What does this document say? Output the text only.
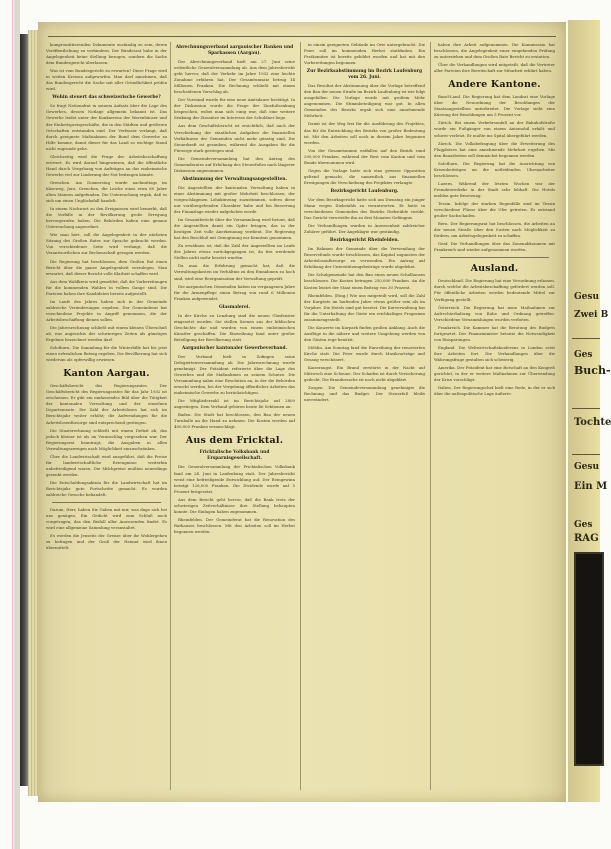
kompromittierenden Dokumente zuständig zu sein, deren Veröffentlichung zu verhindern. Der Bundesrat habe in der Angelegenheit keine Stellung bezogen, sondern die Sache dem Bundesgericht überlassen.

Was ist vom Bundesgericht zu erwarten? Diese Frage wird in weiten Kreisen aufgeworfen. Man darf annehmen, daß das Bundesgericht die Sache mit aller Gründlichkeit prüfen wird.

Wohin steuert das schweizerische Gewerbe?

So fragt Nationalrat in seinem Aufsatz über die Lage des Gewerbes, dessen Notlage allgemein bekannt ist. Das Gewerbe leidet unter der Konkurrenz der Warenhäuser und der Einheitspreisgeschäfte, die in den Städten und größeren Ortschaften entstanden sind. Der Verfasser verlangt, daß durch geeignete Maßnahmen der Bund dem Gewerbe zu Hilfe komme, damit dieser für das Land so wichtige Stand nicht zugrunde gehe.

Gleichzeitig wird die Frage der Arbeitsbeschaffung erörtert. Es wird darauf hingewiesen, daß die öffentliche Hand durch Vergebung von Aufträgen an das einheimische Gewerbe viel zur Linderung der Not beitragen könnte.

Grenchen. Am Donnerstag wurde nachmittags im Käseweg, Jura, Grenchen, die Leiche eines etwa 60 Jahre alten Mannes aufgefunden. Die Untersuchung ergab, daß es sich um einen Unglücksfall handelt.

In einem Nachwort zu den Ereignissen wird bemerkt, daß die Vorfälle in der Bevölkerung große Erregung hervorgerufen haben. Die Behörden haben eine genaue Untersuchung angeordnet.

Wie man hört, soll die Angelegenheit in der nächsten Sitzung des Großen Rates zur Sprache gebracht werden. Von verschiedener Seite wird verlangt, daß die Verantwortlichen zur Rechenschaft gezogen werden.

Die Regierung hat beschlossen, dem Großen Rat einen Bericht über die ganze Angelegenheit vorzulegen. Man erwartet, daß dieser Bericht volle Klarheit schaffen wird.

Aus dem Wahlkreis wird gemeldet, daß die Vorbereitungen für die kommenden Wahlen in vollem Gange sind. Die Parteien haben ihre Kandidaten bereits aufgestellt.

Im Laufe des Jahres haben sich in der Gemeinde zahlreiche Veränderungen ergeben. Der Gemeinderat hat verschiedene Projekte in Angriff genommen, die der Arbeitsbeschaffung dienen sollen.

Die Jahresrechnung schließt mit einem kleinen Überschuß ab, was angesichts der schwierigen Zeiten als günstiges Ergebnis bezeichnet werden darf.

Solothurn. Die Sammlung für die Winterhilfe hat bis jetzt einen erfreulichen Betrag ergeben. Die Bevölkerung hat sich wiederum als opferwillig erwiesen.

Kanton Aargau.

Geschäftsbericht des Regierungsrates. Der Geschäftsbericht des Regierungsrates für das Jahr 1932 ist erschienen. Er gibt ein umfassendes Bild über die Tätigkeit der kantonalen Verwaltung und der einzelnen Departemente. Die Zahl der Arbeitslosen hat sich im Berichtsjahr weiter erhöht; die Aufwendungen für die Arbeitslosenfürsorge sind entsprechend gestiegen.

Die Staatsrechnung schließt mit einem Defizit ab, das jedoch kleiner ist als im Voranschlag vorgesehen war. Der Regierungsrat beantragt, die Ausgaben in allen Verwaltungszweigen nach Möglichkeit einzuschränken.

Über die Landwirtschaft wird ausgeführt, daß die Preise für landwirtschaftliche Erzeugnisse weiterhin unbefriedigend waren. Die Milchpreise mußten neuerdings gesenkt werden.

Die Entschuldungsaktion für die Landwirtschaft hat im Berichtsjahr gute Fortschritte gemacht. Es wurden zahlreiche Gesuche behandelt.

Darum, Herr, haben Sie Gaben mit mir, was dage sich bei uns genügen. Ein Gedicht wird zum Schluß noch vorgetragen, das den Beifall aller Anwesenden findet. Es wird eine allgemeine Sammlung veranstaltet.

Es werden die Jenseits der Grenze über ihr Wohlergehen zu befragen und der Gruß der Heimat wird ihnen übermittelt.

Abrechnungsverband aargauischer Banken und Sparkassen (Aargau).

Der Abrechnungsverband hielt am 27. Juni seine ordentliche Generalversammlung ab. Aus dem Jahresbericht geht hervor, daß der Verkehr im Jahre 1932 eine leichte Zunahme erfahren hat. Der Gesamtumsatz betrug 14 Millionen Franken. Die Rechnung schließt mit einem bescheidenen Vorschlag ab.

Der Vorstand wurde für eine neue Amtsdauer bestätigt. In der Diskussion wurde die Frage der Zinsfußsenkung besprochen, wobei man sich einig war, daß eine weitere Senkung der Zinssätze im Interesse der Schuldner liege.

Aus dem Geschäftsbericht ist ersichtlich, daß nach der Verschiebung der staatlichen Aufgaben die finanziellen Verhältnisse der Gemeinden nicht mehr günstig sind. Die Steuerkraft ist gesunken, während die Ausgaben für die Fürsorge stark gestiegen sind.

Die Gemeindeversammlung hat den Antrag des Gemeinderates auf Erhöhung des Steuerfußes nach längerer Diskussion angenommen.

Abstimmung der Verwaltungsangestellten.

Die Angestellten der kantonalen Verwaltung haben in einer Abstimmung mit großer Mehrheit beschlossen, der vorgeschlagenen Lohnkürzung zuzustimmen, sofern diese nur vorübergehenden Charakter habe und bei Besserung der Finanzlage wieder aufgehoben werde.

Im Gesamtbericht über die Versammlung wird betont, daß die Angestellten damit ein Opfer bringen, das in der heutigen Zeit volle Anerkennung verdient. Die Regierung hat den Beschluß mit Genugtuung zur Kenntnis genommen.

Zu erwähnen ist, daß die Zahl der Angestellten im Laufe des Jahres etwas zurückgegangen ist, da frei werdende Stellen nicht mehr besetzt wurden.

Da man die Erfahrung gemacht hat, daß die Verwaltungskosten im Verhältnis zu den Einnahmen zu hoch sind, wird eine Reorganisation der Verwaltung geprüft.

Die aargauischen Gemeinden haben im vergangenen Jahre für die Armenpflege einen Betrag von rund 6 Millionen Franken aufgewendet.

Glasmalerei.

In der Kirche zu Lenzburg sind die neuen Glasfenster eingesetzt worden. Sie stellen Szenen aus der biblischen Geschichte dar und wurden von einem einheimischen Künstler geschaffen. Die Einweihung fand unter großer Beteiligung der Bevölkerung statt.

Aargauischer kantonaler Gewerbeverband.

Der Verband hielt in Zofingen seine Delegiertenversammlung ab. Die Jahresrechnung wurde genehmigt. Der Präsident referierte über die Lage des Gewerbes und die Maßnahmen zu seinem Schutze. Die Versammlung nahm eine Resolution an, in der die Behörden ersucht werden, bei der Vergebung öffentlicher Arbeiten das einheimische Gewerbe zu berücksichtigen.

Die Mitgliederzahl ist im Berichtsjahr auf 2800 angestiegen. Dem Verband gehören heute 46 Sektionen an.

Baden. Die Stadt hat beschlossen, den Bau der neuen Turnhalle an die Hand zu nehmen. Die Kosten werden auf 400,000 Franken veranschlagt.

Aus dem Fricktal.
Fricktalische Volksbank und Ersparnisgesellschaft.

Die Generalversammlung der Fricktalischen Volksbank fand am 24. Juni in Laufenburg statt. Der Jahresbericht weist eine befriedigende Entwicklung auf. Der Reingewinn beträgt 126,000 Franken. Die Dividende wurde auf 5 Prozent festgesetzt.

Aus dem Bericht geht hervor, daß die Bank trotz der schwierigen Zeitverhältnisse ihre Stellung behaupten konnte. Die Einlagen haben zugenommen.

Rheinfelden. Der Gemeinderat hat die Renovation des Rathauses beschlossen. Mit den Arbeiten soll im Herbst begonnen werden.

in einem geeigneten Gebäude im Orte untergebracht. Die Feier soll im kommenden Herbst stattfinden. Ein Festkomitee ist bereits gebildet worden und hat mit den Vorbereitungen begonnen.

Zur Bezirksabstimmung im Bezirk Laufenburg vom 26. Juni.

Das Resultat der Abstimmung über die Vorlage betreffend den Bau der neuen Straße im Bezirk Laufenburg ist wie folgt ausgefallen: Die Vorlage wurde mit großem Mehr angenommen. Die Stimmbeteiligung war gut. In allen Gemeinden des Bezirks ergab sich eine annehmende Mehrheit.

Damit ist der Weg frei für die Ausführung des Projektes, das für die Entwicklung des Bezirks von großer Bedeutung ist. Mit den Arbeiten soll noch in diesem Jahre begonnen werden.

Von der Gesamtsumme entfallen auf den Bezirk rund 200,000 Franken, während der Rest vom Kanton und vom Bunde übernommen wird.

Gegen die Vorlage hatte sich eine gewisse Opposition geltend gemacht, die namentlich aus finanziellen Erwägungen die Verschiebung des Projektes verlangte.

Bezirksgericht Laufenburg.

Vor dem Bezirksgericht hatte sich am Dienstag ein junger Mann wegen Diebstahls zu verantworten. Er hatte in verschiedenen Gemeinden des Bezirks Diebstähle verübt. Das Gericht verurteilte ihn zu drei Monaten Gefängnis.

Die Verhandlungen wurden in Anwesenheit zahlreicher Zuhörer geführt. Der Angeklagte war geständig.

Bezirksgericht Rheinfelden.

Im Rahmen der Gemeinde über die Verwendung der Reservefonds wurde beschlossen, das Kapital zugunsten der Arbeitslosenfürsorge zu verwenden. Ein Antrag auf Erhöhung der Unterstützungsbeiträge wurde abgelehnt.

Die Schulgemeinde hat den Bau eines neuen Schulhauses beschlossen. Die Kosten betragen 250,000 Franken. An die Kosten leistet der Staat einen Beitrag von 30 Prozent.

Rheinfelden. (Eing.) Wie uns mitgeteilt wird, soll die Zahl der Kurgäste im laufenden Jahre etwas größer sein als im Vorjahre. Die Hotels sind gut besetzt. Die Kurverwaltung hat für die Unterhaltung der Gäste ein reichhaltiges Programm zusammengestellt.

Die Konzerte im Kurpark finden großen Anklang. Auch die Ausflüge in die nähere und weitere Umgebung werden von den Gästen rege benützt.

Möhlin. Am Sonntag fand die Einweihung der renovierten Kirche statt. Die Feier wurde durch Musikvorträge und Gesang verschönert.

Kaiseraugst. Ein Brand zerstörte in der Nacht auf Mittwoch eine Scheune. Der Schaden ist durch Versicherung gedeckt. Die Brandursache ist noch nicht abgeklärt.

Zuzgen. Die Gemeindeversammlung genehmigte die Rechnung und das Budget. Der Steuerfuß bleibt unverändert.

haben ihre Arbeit aufgenommen. Die Kommission hat beschlossen, die Angelegenheit einer eingehenden Prüfung zu unterziehen und dem Großen Rate Bericht zu erstatten.

Über die Verhandlungen wird mitgeteilt, daß die Vertreter aller Parteien ihre Bereitschaft zur Mitarbeit erklärt haben.

Andere Kantone.

Basel-Land. Die Regierung hat dem Landrat eine Vorlage über die Neuordnung der Besoldungen der Staatsangestellten unterbreitet. Die Vorlage sieht eine Kürzung der Besoldungen um 5 Prozent vor.

Zürich. Bei einem Verkehrsunfall an der Bahnhofstraße wurde ein Fußgänger von einem Automobil erfaßt und schwer verletzt. Er mußte ins Spital übergeführt werden.

Zürich. Die Volksbefragung über die Erweiterung des Flugplatzes hat eine annehmende Mehrheit ergeben. Mit den Bauarbeiten soll demnächst begonnen werden.

Solothurn. Die Regierung hat die Ausrichtung von Krisenbeiträgen an die notleidenden Uhrenarbeiter beschlossen.

Luzern. Während der letzten Wochen war der Fremdenverkehr in der Stadt sehr lebhaft. Die Hotels melden gute Besetzung.

Tessin. Infolge der starken Regenfälle sind im Tessin verschiedene Flüsse über die Ufer getreten. Es entstand großer Sachschaden.

Bern. Der Regierungsrat hat beschlossen, die Arbeiten an der neuen Straße über den Susten nach Möglichkeit zu fördern, um Arbeitsgelegenheit zu schaffen.

Genf. Die Verhandlungen über das Zonenabkommen mit Frankreich sind wieder aufgenommen worden.

Ausland.

Deutschland. Die Regierung hat eine Verordnung erlassen, durch welche die Arbeitsbeschaffung gefördert werden soll. Für öffentliche Arbeiten werden bedeutende Mittel zur Verfügung gestellt.

Österreich. Die Regierung hat neue Maßnahmen zur Aufrechterhaltung von Ruhe und Ordnung getroffen. Verschiedene Versammlungen wurden verboten.

Frankreich. Die Kammer hat die Beratung des Budgets fortgesetzt. Der Finanzminister betonte die Notwendigkeit von Einsparungen.

England. Die Weltwirtschaftskonferenz in London setzt ihre Arbeiten fort. Die Verhandlungen über die Währungsfrage gestalten sich schwierig.

Amerika. Der Präsident hat eine Botschaft an den Kongreß gerichtet, in der er weitere Maßnahmen zur Überwindung der Krise vorschlägt.

Italien. Der Regierungschef hielt eine Rede, in der er sich über die außenpolitische Lage äußerte.

Gesu
Zwei B
Ges
Buch-
Tochte
Gesu
Ein M
Ges
RAG
